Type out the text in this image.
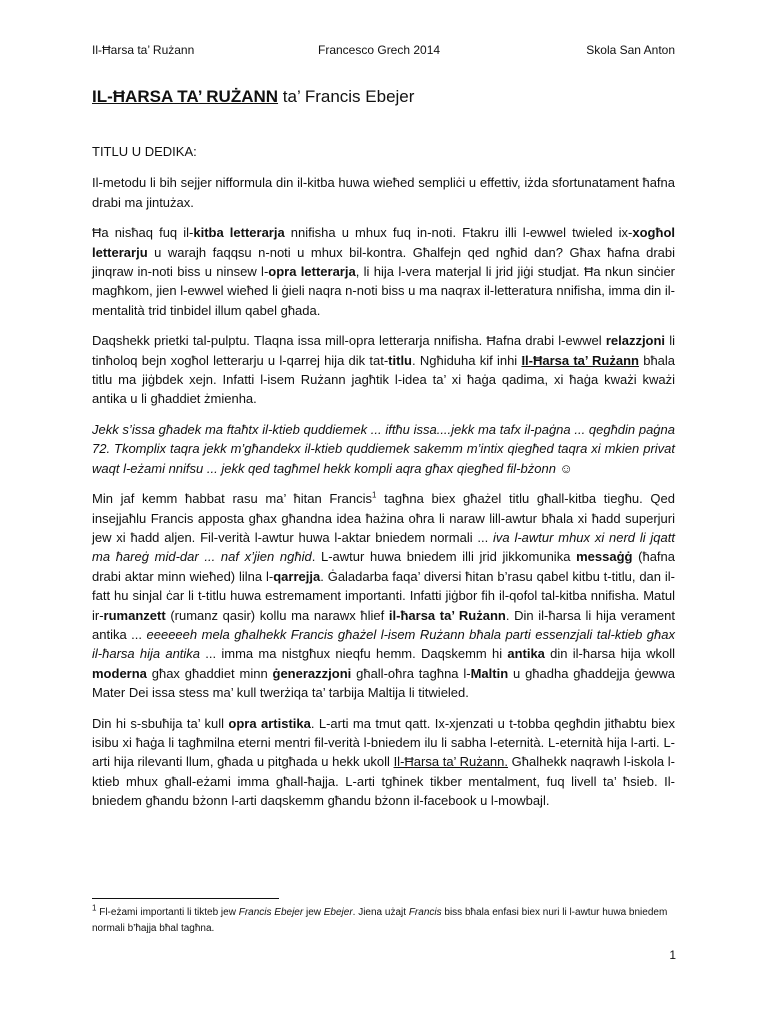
Il-Ħarsa ta’ Rużann	Francesco Grech 2014	Skola San Anton
IL-ĦARSA TA’ RUŻANN ta’ Francis Ebejer
TITLU U DEDIKA:

Il-metodu li bih sejjer nifformula din il-kitba huwa wieħed sempliċi u effettiv, iżda sfortunatament ħafna drabi ma jintużax.

Ħa nisħaq fuq il-kitba letterarja nnifisha u mhux fuq in-noti. Ftakru illi l-ewwel twieled ix-xogħol letterarju u warajh faqqsu n-noti u mhux bil-kontra. Għalfejn qed ngħid dan? Għax ħafna drabi jinqraw in-noti biss u ninsew l-opra letterarja, li hija l-vera materjal li jrid jiġi studjat. Ħa nkun sinċier magħkom, jien l-ewwel wieħed li ġieli naqra n-noti biss u ma naqrax il-letteratura nnifisha, imma din il-mentalità trid tinbidel illum qabel għada.

Daqshekk prietki tal-pulptu. Tlaqna issa mill-opra letterarja nnifisha. Ħafna drabi l-ewwel relazzjoni li tinħoloq bejn xogħol letterarju u l-qarrej hija dik tat-titlu. Ngħiduha kif inhi Il-Ħarsa ta’ Rużann bħala titlu ma jiġbdek xejn. Infatti l-isem Rużann jagħtik l-idea ta’ xi ħaġa qadima, xi ħaġa kważi kważi antika u li għaddiet żmienha.

Jekk s’issa għadek ma ftaħtx il-ktieb quddiemek ... iftħu issa....jekk ma tafx il-paġna ... qegħdin paġna 72. Tkomplix taqra jekk m’għandekx il-ktieb quddiemek sakemm m’intix qiegħed taqra xi mkien privat waqt l-eżami nnifsu ... jekk qed tagħmel hekk kompli aqra għax qiegħed fil-bżonn ☺

Min jaf kemm ħabbat rasu ma’ ħitan Francis$^1$ tagħna biex għażel titlu għall-kitba tiegħu. Qed insejjaħlu Francis apposta għax għandna idea ħażina oħra li naraw lill-awtur bħala xi ħadd superjuri jew xi ħadd aljen. Fil-verità l-awtur huwa l-aktar bniedem normali ... iva l-awtur mhux xi nerd li jqatt ma ħareġ mid-dar ... naf x’jien ngħid. L-awtur huwa bniedem illi jrid jikkomunika messaġġ (ħafna drabi aktar minn wieħed) lilna l-qarrejja. Ġaladarba faqa’ diversi ħitan b’rasu qabel kitbu t-titlu, dan il-fatt hu sinjal ċar li t-titlu huwa estremament importanti. Infatti jiġbor fih il-qofol tal-kitba nnifisha. Matul ir-rumanzett (rumanz qasir) kollu ma narawx ħlief il-ħarsa ta’ Rużann. Din il-ħarsa li hija verament antika ... eeeeeeh mela għalhekk Francis għażel l-isem Rużann bħala parti essenzjali tal-ktieb għax il-ħarsa hija antika ... imma ma nistgħux nieqfu hemm. Daqskemm hi antika din il-ħarsa hija wkoll moderna għax għaddiet minn ġenerazzjoni għall-oħra tagħna l-Maltin u għadha għaddejja ġewwa Mater Dei issa stess ma’ kull twerżiqa ta’ tarbija Maltija li titwieled.

Din hi s-sbuħija ta’ kull opra artistika. L-arti ma tmut qatt. Ix-xjenzati u t-tobba qegħdin jitħabtu biex isibu xi ħaġa li tagħmilna eterni mentri fil-verità l-bniedem ilu li sabha l-eternità. L-eternità hija l-arti. L-arti hija rilevanti llum, għada u pitgħada u hekk ukoll Il-Ħarsa ta’ Rużann. Għalhekk naqrawh l-iskola l-ktieb mhux għall-eżami imma għall-ħajja. L-arti tgħinek tikber mentalment, fuq livell ta’ ħsieb. Il-bniedem għandu bżonn l-arti daqskemm għandu bżonn il-facebook u l-mowbajl.

$^1$ Fl-eżami importanti li tikteb jew Francis Ebejer jew Ebejer. Jiena użajt Francis biss bħala enfasi biex nuri li l-awtur huwa bniedem normali b’ħajja bħal tagħna.
1
